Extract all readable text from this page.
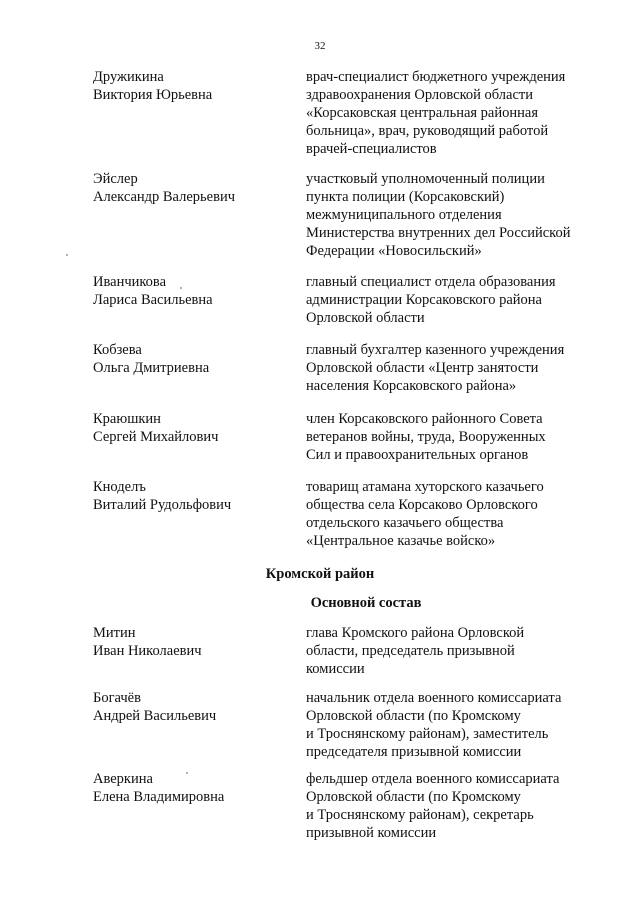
32
Дружикина
Виктория Юрьевна
врач-специалист бюджетного учреждения
здравоохранения Орловской области
«Корсаковская центральная районная
больница», врач, руководящий работой
врачей-специалистов
Эйслер
Александр Валерьевич
участковый уполномоченный полиции
пункта полиции (Корсаковский)
межмуниципального отделения
Министерства внутренних дел Российской
Федерации «Новосильский»
Иванчикова
Лариса Васильевна
главный специалист отдела образования
администрации Корсаковского района
Орловской области
Кобзева
Ольга Дмитриевна
главный бухгалтер казенного учреждения
Орловской области «Центр занятости
населения Корсаковского района»
Краюшкин
Сергей Михайлович
член Корсаковского районного Совета
ветеранов войны, труда, Вооруженных
Сил и правоохранительных органов
Кноделъ
Виталий Рудольфович
товарищ атамана хуторского казачьего
общества села Корсаково Орловского
отдельского казачьего общества
«Центральное казачье войско»
Кромской район
Основной состав
Митин
Иван Николаевич
глава Кромского района Орловской
области, председатель призывной
комиссии
Богачёв
Андрей Васильевич
начальник отдела военного комиссариата
Орловской области (по Кромскому
и Троснянскому районам), заместитель
председателя призывной комиссии
Аверкина
Елена Владимировна
фельдшер отдела военного комиссариата
Орловской области (по Кромскому
и Троснянскому районам), секретарь
призывной комиссии
